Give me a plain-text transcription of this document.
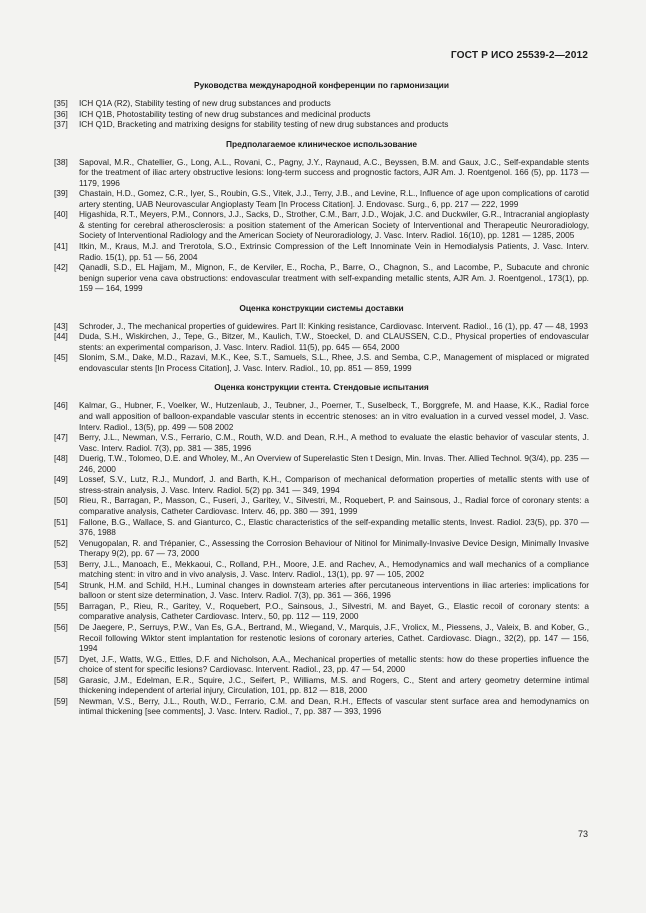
ГОСТ Р ИСО 25539-2—2012
Руководства международной конференции по гармонизации
[35]	ICH Q1A (R2), Stability testing of new drug substances and products
[36]	ICH Q1B, Photostability testing of new drug substances and medicinal products
[37]	ICH Q1D, Bracketing and matrixing designs for stability testing of new drug substances and products
Предполагаемое клиническое использование
[38]	Sapoval, M.R., Chatellier, G., Long, A.L., Rovani, C., Pagny, J.Y., Raynaud, A.C., Beyssen, B.M. and Gaux, J.C., Self-expandable stents for the treatment of iliac artery obstructive lesions: long-term success and prognostic factors, AJR Am. J. Roentgenol. 166 (5), pp. 1173 — 1179, 1996
[39]	Chastain, H.D., Gomez, C.R., Iyer, S., Roubin, G.S., Vitek, J.J., Terry, J.B., and Levine, R.L., Influence of age upon complications of carotid artery stenting, UAB Neurovascular Angioplasty Team [In Process Citation]. J. Endovasc. Surg., 6, pp. 217 — 222, 1999
[40]	Higashida, R.T., Meyers, P.M., Connors, J.J., Sacks, D., Strother, C.M., Barr, J.D., Wojak, J.C. and Duckwiler, G.R., Intracranial angioplasty & stenting for cerebral atherosclerosis: a position statement of the American Society of Interventional and Therapeutic Neuroradiology, Society of Interventional Radiology and the American Society of Neuroradiology, J. Vasc. Interv. Radiol. 16(10), pp. 1281 — 1285, 2005
[41]	Itkin, M., Kraus, M.J. and Trerotola, S.O., Extrinsic Compression of the Left Innominate Vein in Hemodialysis Patients, J. Vasc. Interv. Radio. 15(1), pp. 51 — 56, 2004
[42]	Qanadli, S.D., EL Hajjam, M., Mignon, F., de Kerviler, E., Rocha, P., Barre, O., Chagnon, S., and Lacombe, P., Subacute and chronic benign superior vena cava obstructions: endovascular treatment with self-expanding metallic stents, AJR Am. J. Roentgenol., 173(1), pp. 159 — 164, 1999
Оценка конструкции системы доставки
[43]	Schroder, J., The mechanical properties of guidewires. Part II: Kinking resistance, Cardiovasc. Intervent. Radiol., 16 (1), pp. 47 — 48, 1993
[44]	Duda, S.H., Wiskirchen, J., Tepe, G., Bitzer, M., Kaulich, T.W., Stoeckel, D. and CLAUSSEN, C.D., Physical properties of endovascular stents: an experimental comparison, J. Vasc. Interv. Radiol. 11(5), pp. 645 — 654, 2000
[45]	Slonim, S.M., Dake, M.D., Razavi, M.K., Kee, S.T., Samuels, S.L., Rhee, J.S. and Semba, C.P., Management of misplaced or migrated endovascular stents [In Process Citation], J. Vasc. Interv. Radiol., 10, pp. 851 — 859, 1999
Оценка конструкции стента. Стендовые испытания
[46]	Kalmar, G., Hubner, F., Voelker, W., Hutzenlaub, J., Teubner, J., Poerner, T., Suselbeck, T., Borggrefe, M. and Haase, K.K., Radial force and wall apposition of balloon-expandable vascular stents in eccentric stenoses: an in vitro evaluation in a curved vessel model, J. Vasc. Interv. Radiol., 13(5), pp. 499 — 508 2002
[47]	Berry, J.L., Newman, V.S., Ferrario, C.M., Routh, W.D. and Dean, R.H., A method to evaluate the elastic behavior of vascular stents, J. Vasc. Interv. Radiol. 7(3), pp. 381 — 385, 1996
[48]	Duerig, T.W., Tolomeo, D.E. and Wholey, M., An Overview of Superelastic Sten t Design, Min. Invas. Ther. Allied Technol. 9(3/4), pp. 235 — 246, 2000
[49]	Lossef, S.V., Lutz, R.J., Mundorf, J. and Barth, K.H., Comparison of mechanical deformation properties of metallic stents with use of stress-strain analysis, J. Vasc. Interv. Radiol. 5(2) pp. 341 — 349, 1994
[50]	Rieu, R., Barragan, P., Masson, C., Fuseri, J., Garitey, V., Silvestri, M., Roquebert, P. and Sainsous, J., Radial force of coronary stents: a comparative analysis, Catheter Cardiovasc. Interv. 46, pp. 380 — 391, 1999
[51]	Fallone, B.G., Wallace, S. and Gianturco, C., Elastic characteristics of the self-expanding metallic stents, Invest. Radiol. 23(5), pp. 370 — 376, 1988
[52]	Venugopalan, R. and Trépanier, C., Assessing the Corrosion Behaviour of Nitinol for Minimally-Invasive Device Design, Minimally Invasive Therapy 9(2), pp. 67 — 73, 2000
[53]	Berry, J.L., Manoach, E., Mekkaoui, C., Rolland, P.H., Moore, J.E. and Rachev, A., Hemodynamics and wall mechanics of a compliance matching stent: in vitro and in vivo analysis, J. Vasc. Interv. Radiol., 13(1), pp. 97 — 105, 2002
[54]	Strunk, H.M. and Schild, H.H., Luminal changes in downsteam arteries after percutaneous interventions in iliac arteries: implications for balloon or stent size determination, J. Vasc. Interv. Radiol. 7(3), pp. 361 — 366, 1996
[55]	Barragan, P., Rieu, R., Garitey, V., Roquebert, P.O., Sainsous, J., Silvestri, M. and Bayet, G., Elastic recoil of coronary stents: a comparative analysis, Catheter Cardiovasc. Interv., 50, pp. 112 — 119, 2000
[56]	De Jaegere, P., Serruys, P.W., Van Es, G.A., Bertrand, M., Wiegand, V., Marquis, J.F., Vrolicx, M., Piessens, J., Valeix, B. and Kober, G., Recoil following Wiktor stent implantation for restenotic lesions of coronary arteries, Cathet. Cardiovasc. Diagn., 32(2), pp. 147 — 156, 1994
[57]	Dyet, J.F., Watts, W.G., Ettles, D.F. and Nicholson, A.A., Mechanical properties of metallic stents: how do these properties influence the choice of stent for specific lesions? Cardiovasc. Intervent. Radiol., 23, pp. 47 — 54, 2000
[58]	Garasic, J.M., Edelman, E.R., Squire, J.C., Seifert, P., Williams, M.S. and Rogers, C., Stent and artery geometry determine intimal thickening independent of arterial injury, Circulation, 101, pp. 812 — 818, 2000
[59]	Newman, V.S., Berry, J.L., Routh, W.D., Ferrario, C.M. and Dean, R.H., Effects of vascular stent surface area and hemodynamics on intimal thickening [see comments], J. Vasc. Interv. Radiol., 7, pp. 387 — 393, 1996
73
